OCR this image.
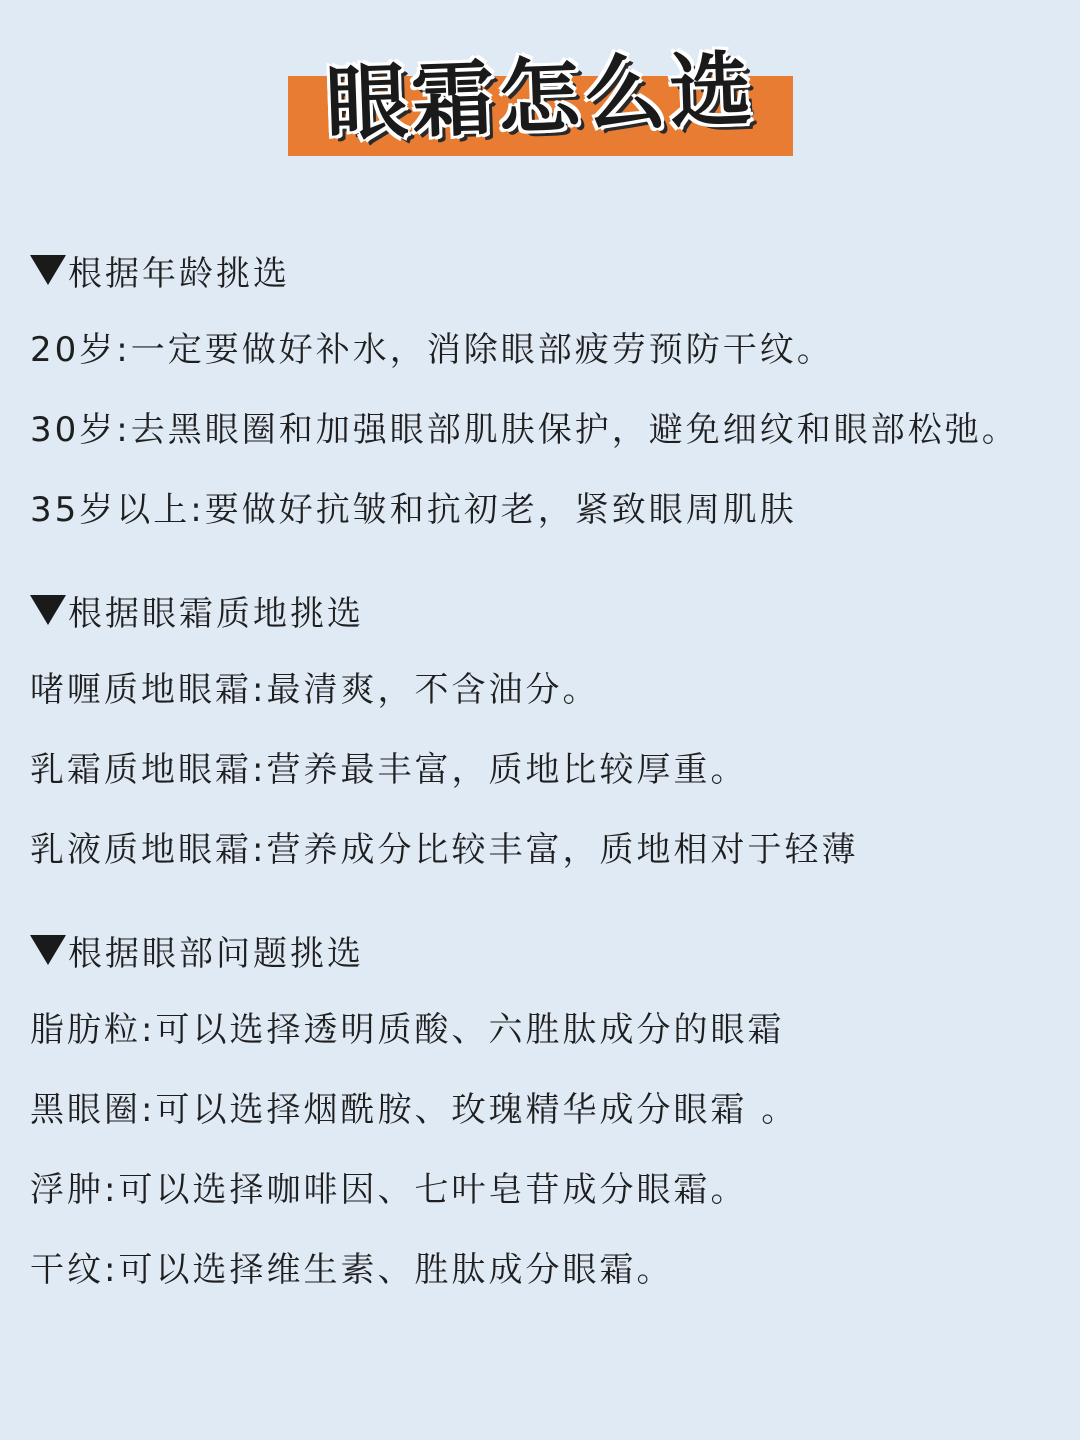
眼霜怎么选
根据年龄挑选
20岁:一定要做好补水，消除眼部疲劳预防干纹。
30岁:去黑眼圈和加强眼部肌肤保护，避免细纹和眼部松弛。
35岁以上:要做好抗皱和抗初老，紧致眼周肌肤
根据眼霜质地挑选
啫喱质地眼霜:最清爽，不含油分。
乳霜质地眼霜:营养最丰富，质地比较厚重。
乳液质地眼霜:营养成分比较丰富，质地相对于轻薄
根据眼部问题挑选
脂肪粒:可以选择透明质酸、六胜肽成分的眼霜
黑眼圈:可以选择烟酰胺、玫瑰精华成分眼霜 。
浮肿:可以选择咖啡因、七叶皂苷成分眼霜。
干纹:可以选择维生素、胜肽成分眼霜。
